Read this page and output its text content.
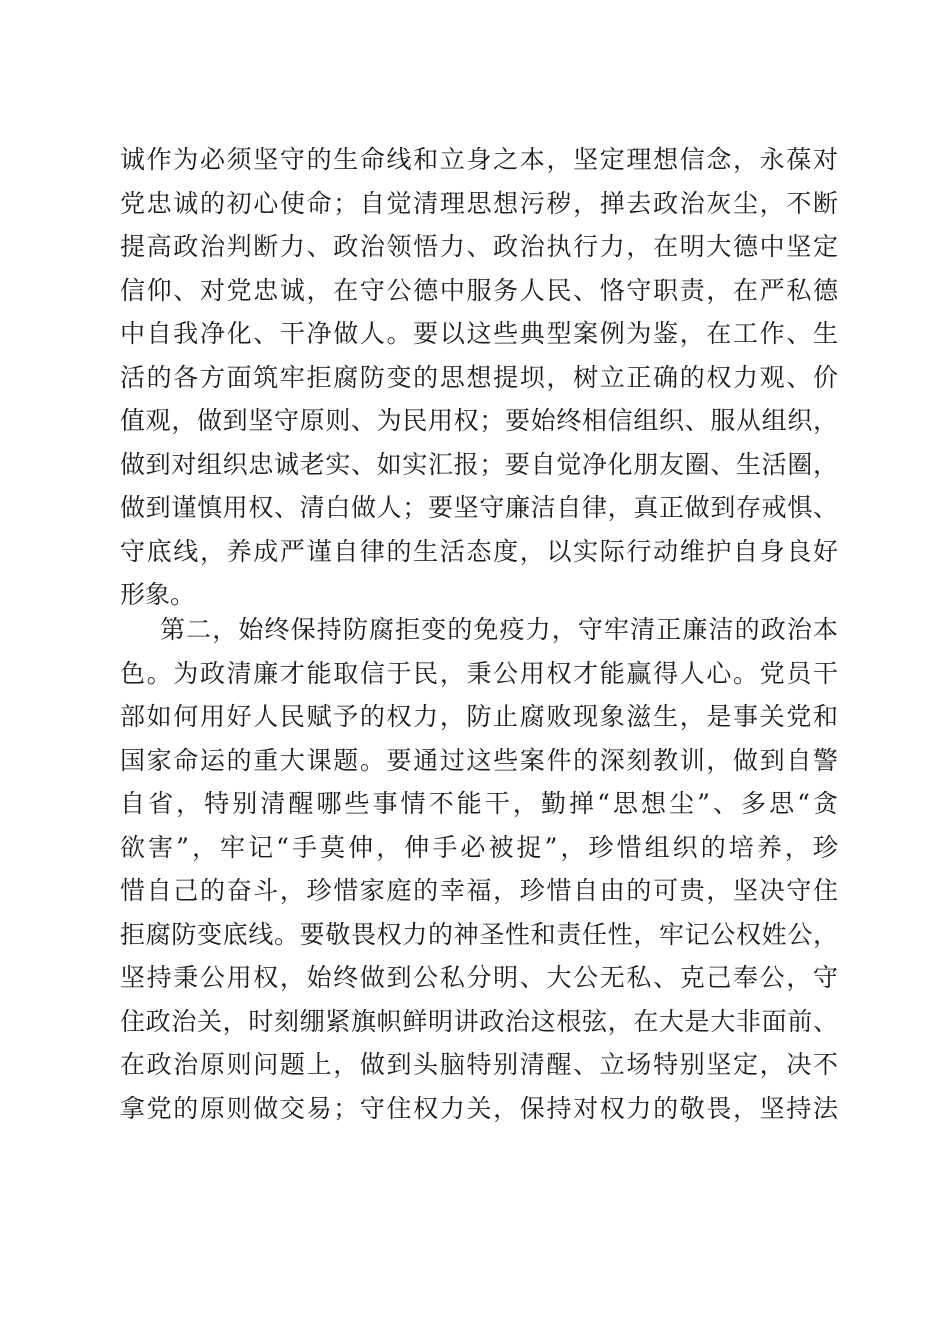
诚作为必须坚守的生命线和立身之本，坚定理想信念，永葆对
党忠诚的初心使命；自觉清理思想污秽，掸去政治灰尘，不断
提高政治判断力、政治领悟力、政治执行力，在明大德中坚定
信仰、对党忠诚，在守公德中服务人民、恪守职责，在严私德
中自我净化、干净做人。要以这些典型案例为鉴，在工作、生
活的各方面筑牢拒腐防变的思想提坝，树立正确的权力观、价
值观，做到坚守原则、为民用权；要始终相信组织、服从组织，
做到对组织忠诚老实、如实汇报；要自觉净化朋友圈、生活圈，
做到谨慎用权、清白做人；要坚守廉洁自律，真正做到存戒惧、
守底线，养成严谨自律的生活态度，以实际行动维护自身良好
形象。
第二，始终保持防腐拒变的免疫力，守牢清正廉洁的政治本
色。为政清廉才能取信于民，秉公用权才能赢得人心。党员干
部如何用好人民赋予的权力，防止腐败现象滋生，是事关党和
国家命运的重大课题。要通过这些案件的深刻教训，做到自警
自省，特别清醒哪些事情不能干，勤掸“思想尘”、多思“贪
欲害”，牢记“手莫伸，伸手必被捉”，珍惜组织的培养，珍
惜自己的奋斗，珍惜家庭的幸福，珍惜自由的可贵，坚决守住
拒腐防变底线。要敬畏权力的神圣性和责任性，牢记公权姓公，
坚持秉公用权，始终做到公私分明、大公无私、克己奉公，守
住政治关，时刻绷紧旗帜鲜明讲政治这根弦，在大是大非面前、
在政治原则问题上，做到头脑特别清醒、立场特别坚定，决不
拿党的原则做交易；守住权力关，保持对权力的敬畏，坚持法
